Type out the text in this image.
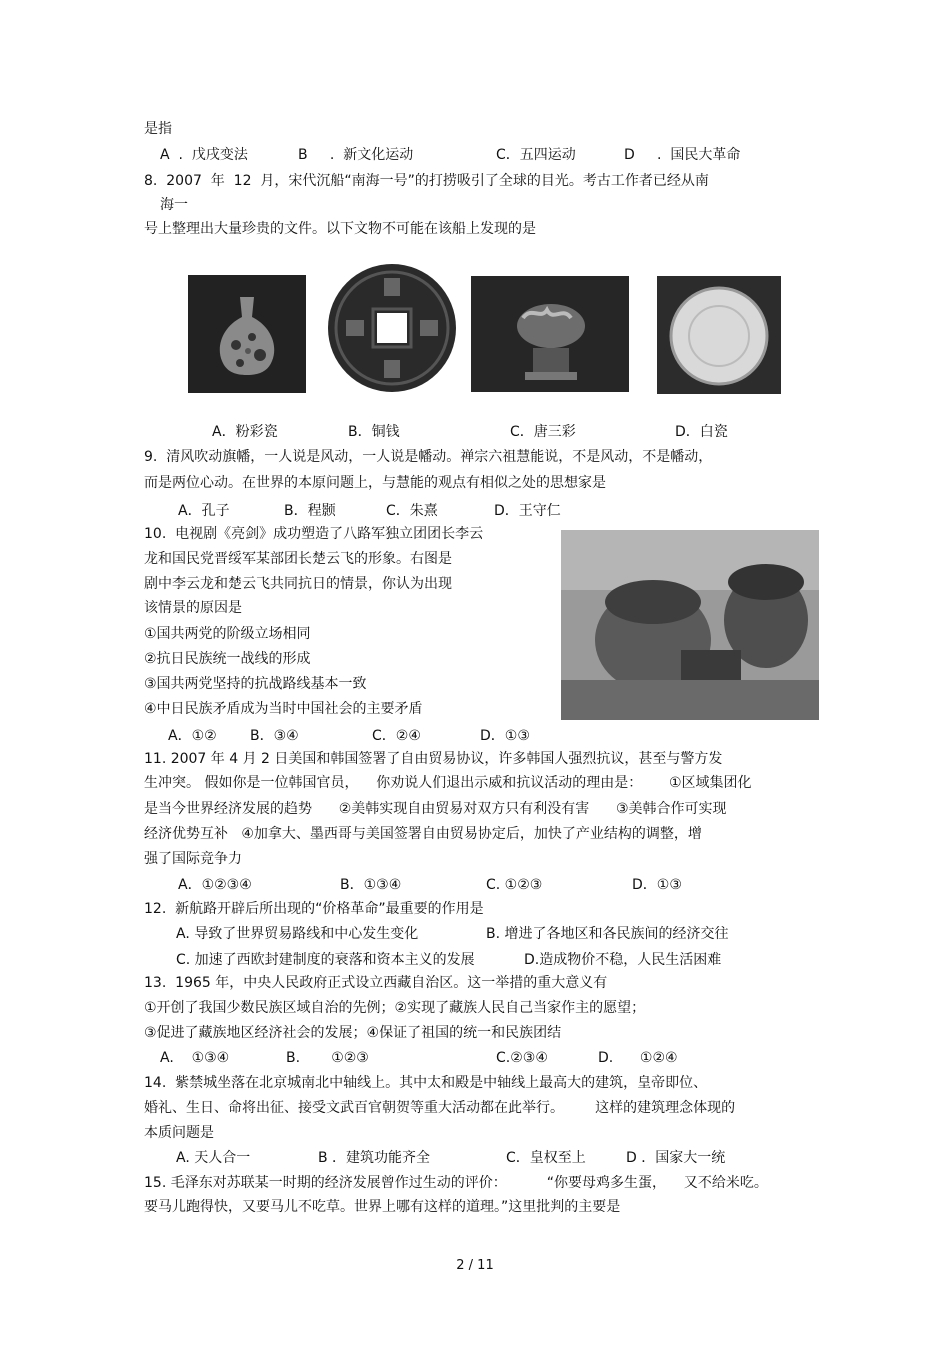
是指
A  .  戊戌变法	B     .  新文化运动	C．五四运动	D     .  国民大革命
8.  2007  年  12  月，宋代沉船“南海一号”的打捞吸引了全球的目光。考古工作者已经从南
海一
号上整理出大量珍贵的文件。以下文物不可能在该船上发现的是
A．粉彩瓷	B．铜钱	C．唐三彩	D．白瓷
9.  清风吹动旗幡，一人说是风动，一人说是幡动。禅宗六祖慧能说，不是风动，不是幡动，
而是两位心动。在世界的本原问题上，与慧能的观点有相似之处的思想家是
A．孔子	B．程颢	C．朱熹	D．王守仁
10.  电视剧《亮剑》成功塑造了八路军独立团团长李云
龙和国民党晋绥军某部团长楚云飞的形象。右图是
剧中李云龙和楚云飞共同抗日的情景，你认为出现
该情景的原因是
①国共两党的阶级立场相同
②抗日民族统一战线的形成
③国共两党坚持的抗战路线基本一致
④中日民族矛盾成为当时中国社会的主要矛盾
A．①② B．③④	C．②④	D．①③
11. 2007 年 4 月 2 日美国和韩国签署了自由贸易协议，许多韩国人强烈抗议，甚至与警方发
生冲突。 假如你是一位韩国官员，    你劝说人们退出示威和抗议活动的理由是：      ①区域集团化
是当今世界经济发展的趋势      ②美韩实现自由贸易对双方只有利没有害      ③美韩合作可实现
经济优势互补   ④加拿大、墨西哥与美国签署自由贸易协定后，加快了产业结构的调整，增
强了国际竞争力
A．①②③④	B．①③④	C. ①②③	D．①③
12.  新航路开辟后所出现的“价格革命”最重要的作用是
A. 导致了世界贸易路线和中心发生变化	B. 增进了各地区和各民族间的经济交往
C. 加速了西欧封建制度的衰落和资本主义的发展	D.造成物价不稳，人民生活困难
13.  1965 年，中央人民政府正式设立西藏自治区。这一举措的重大意义有
①开创了我国少数民族区域自治的先例；②实现了藏族人民自己当家作主的愿望；
③促进了藏族地区经济社会的发展；④保证了祖国的统一和民族团结
A.    ①③④	B.       ①②③	C.②③④	D.      ①②④
14.  紫禁城坐落在北京城南北中轴线上。其中太和殿是中轴线上最高大的建筑，皇帝即位、
婚礼、生日、命将出征、接受文武百官朝贺等重大活动都在此举行。       这样的建筑理念体现的
本质问题是
A. 天人合一	B ．建筑功能齐全	C．皇权至上	D ．国家大一统
15. 毛泽东对苏联某一时期的经济发展曾作过生动的评价：         “你要母鸡多生蛋，    又不给米吃。
要马儿跑得快，又要马儿不吃草。世界上哪有这样的道理。”这里批判的主要是
2 / 11
